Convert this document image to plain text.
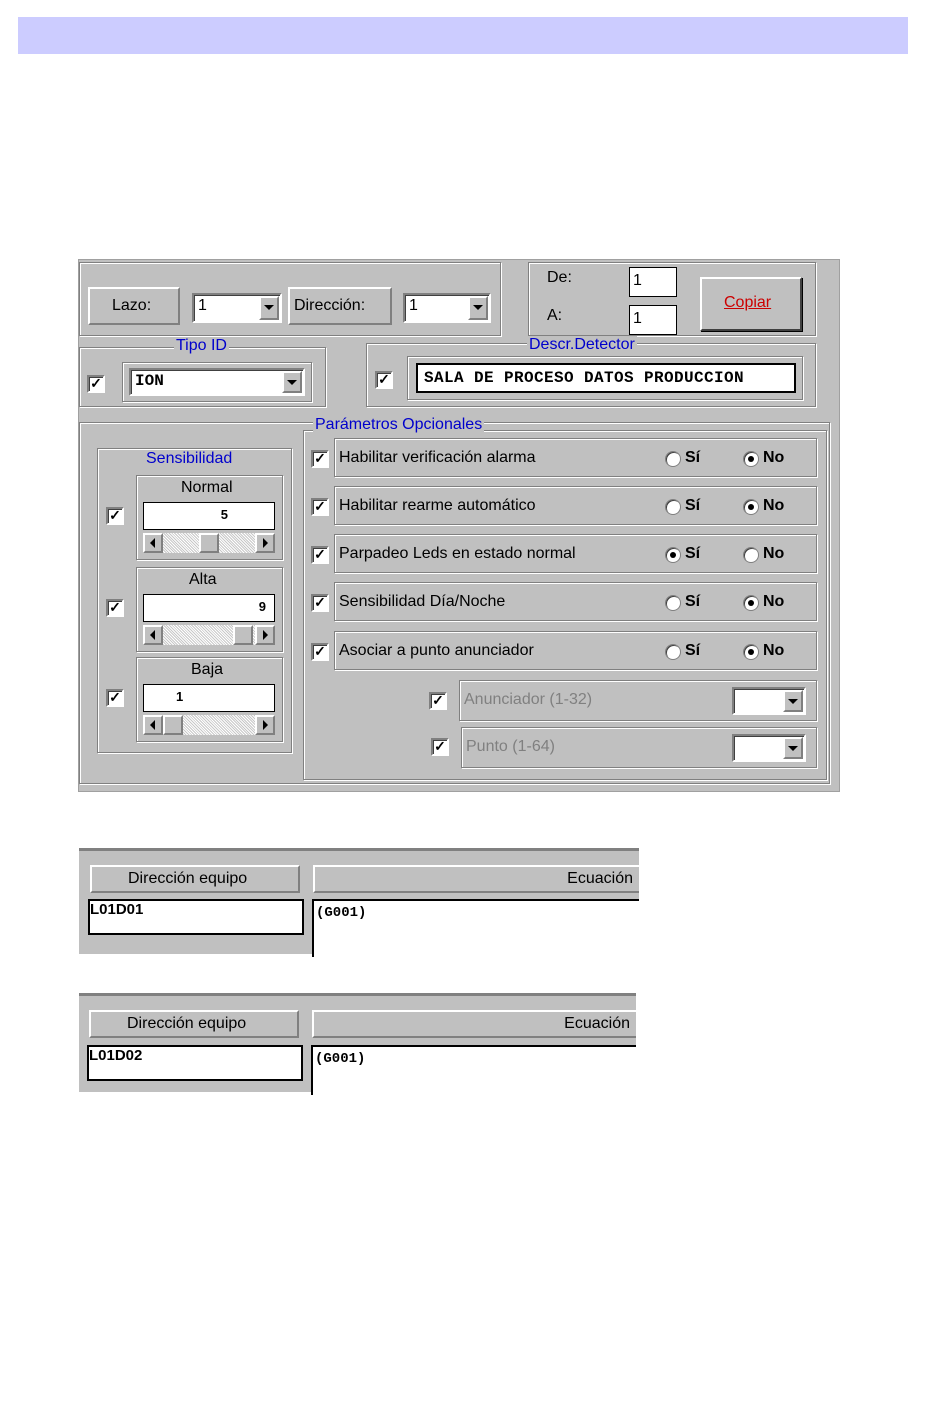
Lazo:	1	Dirección:	1
De:	1
A:	1
Copiar
Tipo ID
✓ ION
Descr.Detector
✓ SALA DE PROCESO DATOS PRODUCCION
Sensibilidad
✓
Normal
5
✓
Alta
9
✓
Baja
1
Parámetros Opcionales
✓ Habilitar verificación alarma	Sí	No
✓ Habilitar rearme automático	Sí	No
✓ Parpadeo Leds en estado normal	Sí	No
✓ Sensibilidad Día/Noche	Sí	No
✓ Asociar a punto anunciador	Sí	No
✓ Anunciador (1-32)
✓ Punto (1-64)
Dirección equipo	Ecuación
L01D01	(G001)
Dirección equipo	Ecuación
L01D02	(G001)
